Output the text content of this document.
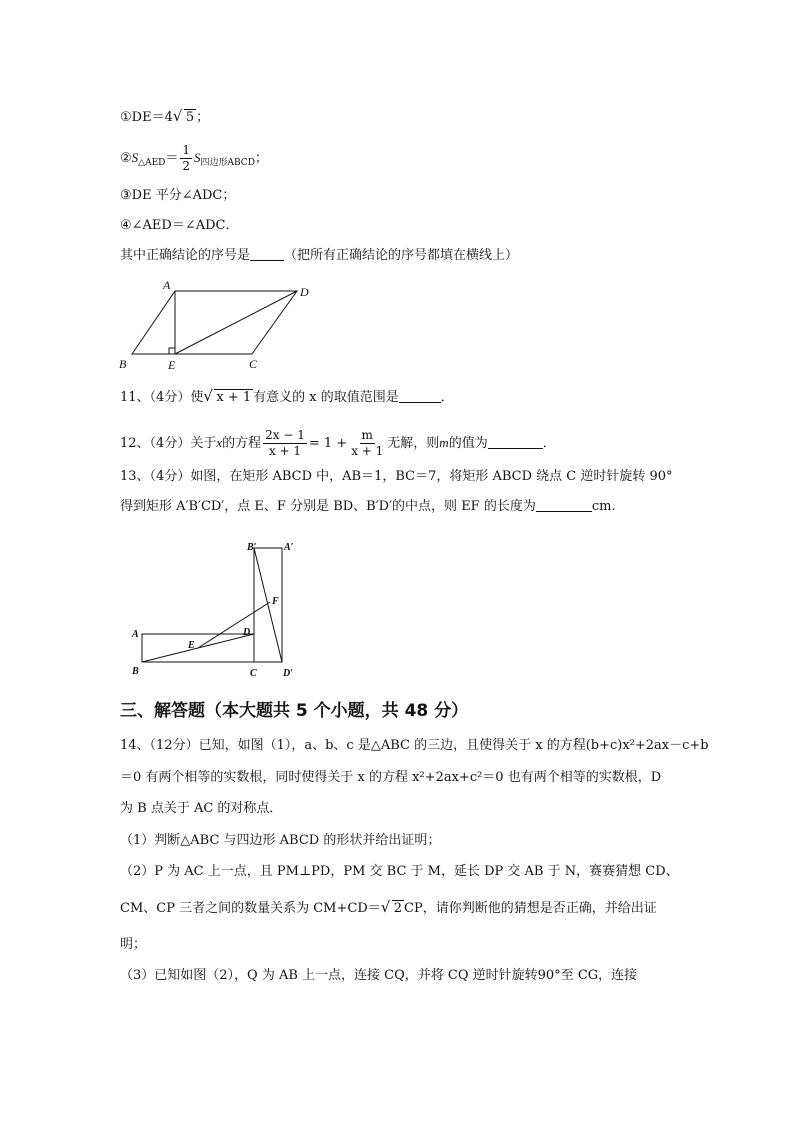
①DE＝4 √ 5 ；
$②S_{\triangle AED}= \frac{1}{2} S_{四边形ABCD}$；
③DE 平分∠ADC；
④∠AED＝∠ADC．
其中正确结论的序号是	（把所有正确结论的序号都填在横线上）
A	D
B	E	C
11、（4分）使 √ x + 1 有意义的 x 的取值范围是	．
12、（4分）关于x的方程 $\frac{2x - 1}{x + 1} = 1 + \frac{m}{x + 1}$ 无解，则m的值为	．
13、（4分）如图，在矩形 ABCD 中，AB＝1，BC＝7，将矩形 ABCD 绕点 C 逆时针旋转 90°
得到矩形 A′B′CD′，点 E、F 分别是 BD、B′D′的中点，则 EF 的长度为	cm.
B′	A′
F
A	D
E
B	C	D′
三、解答题（本大题共 5 个小题，共 48 分）
14、（12分）已知，如图（1），a、b、c 是△ABC 的三边，且使得关于 x 的方程(b+c)x²+2ax－c+b
＝0 有两个相等的实数根，同时使得关于 x 的方程 x²+2ax+c²＝0 也有两个相等的实数根，D
为 B 点关于 AC 的对称点．
（1）判断△ABC 与四边形 ABCD 的形状并给出证明；
（2）P 为 AC 上一点，且 PM⊥PD，PM 交 BC 于 M，延长 DP 交 AB 于 N，赛赛猜想 CD、
CM、CP 三者之间的数量关系为 CM+CD＝ √ 2 CP，请你判断他的猜想是否正确，并给出证
明；
（3）已知如图（2），Q 为 AB 上一点，连接 CQ，并将 CQ 逆时针旋转90°至 CG，连接
